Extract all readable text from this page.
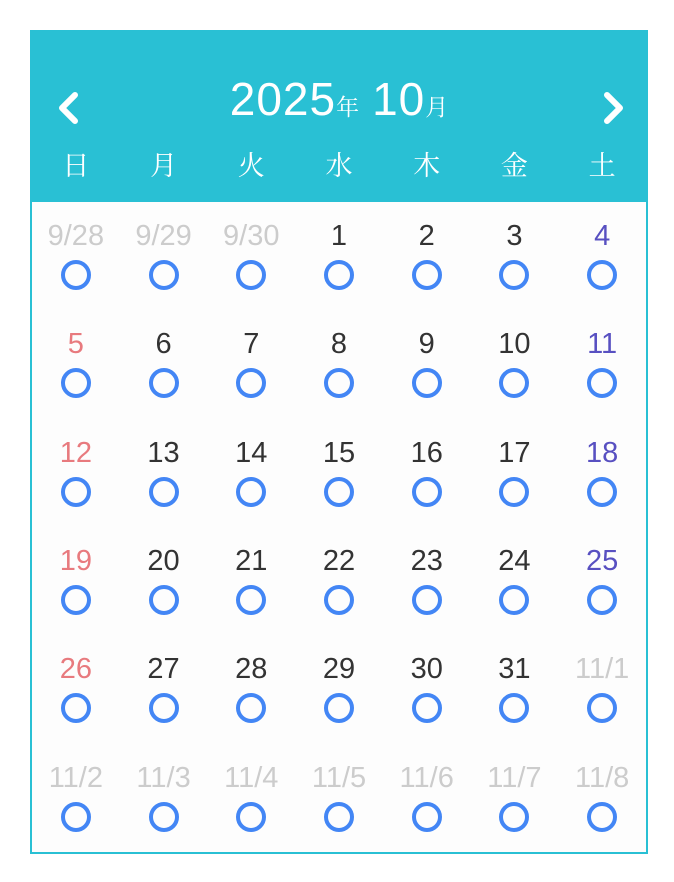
2025 年 10 月
日	月	火	水	木	金	土
9/28 9/29 9/30 1 2 3 4
5 6 7 8 9 10 11
12 13 14 15 16 17 18
19 20 21 22 23 24 25
26 27 28 29 30 31 11/1
11/2 11/3 11/4 11/5 11/6 11/7 11/8
